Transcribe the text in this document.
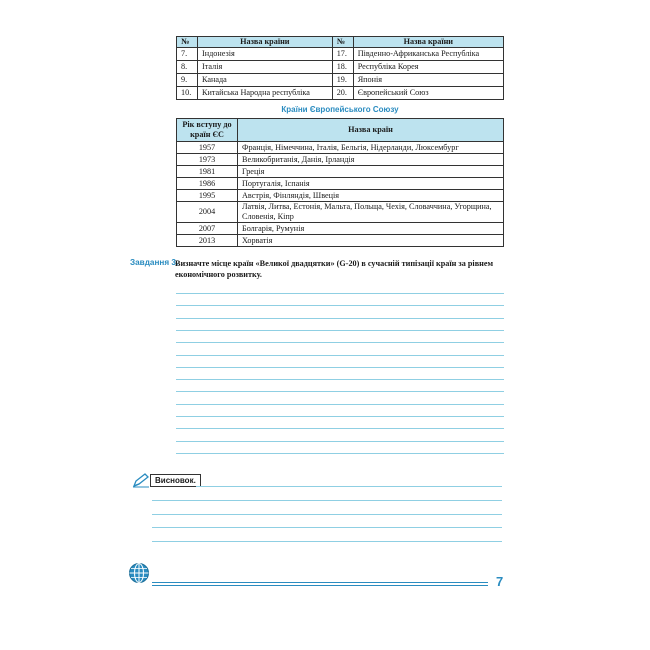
№	Назва країни	№	Назва країни
7.	Індонезія	17.	Південно-Африканська Республіка
8.	Італія	18.	Республіка Корея
9.	Канада	19.	Японія
10.	Китайська Народна республіка	20.	Європейський Союз
Країни Європейського Союзу
Рік вступу до країн ЄС	Назва країн
1957	Франція, Німеччина, Італія, Бельгія, Нідерланди, Люксембург
1973	Великобританія, Данія, Ірландія
1981	Греція
1986	Португалія, Іспанія
1995	Австрія, Фінляндія, Швеція
2004	Латвія, Литва, Естонія, Мальта, Польща, Чехія, Словаччина, Угорщина, Словенія, Кіпр
2007	Болгарія, Румунія
2013	Хорватія
Завдання 3.
Визначте місце країн «Великої двадцятки» (G-20) в сучасній типізації країн за рівнем економічного розвитку.
Висновок.
7
